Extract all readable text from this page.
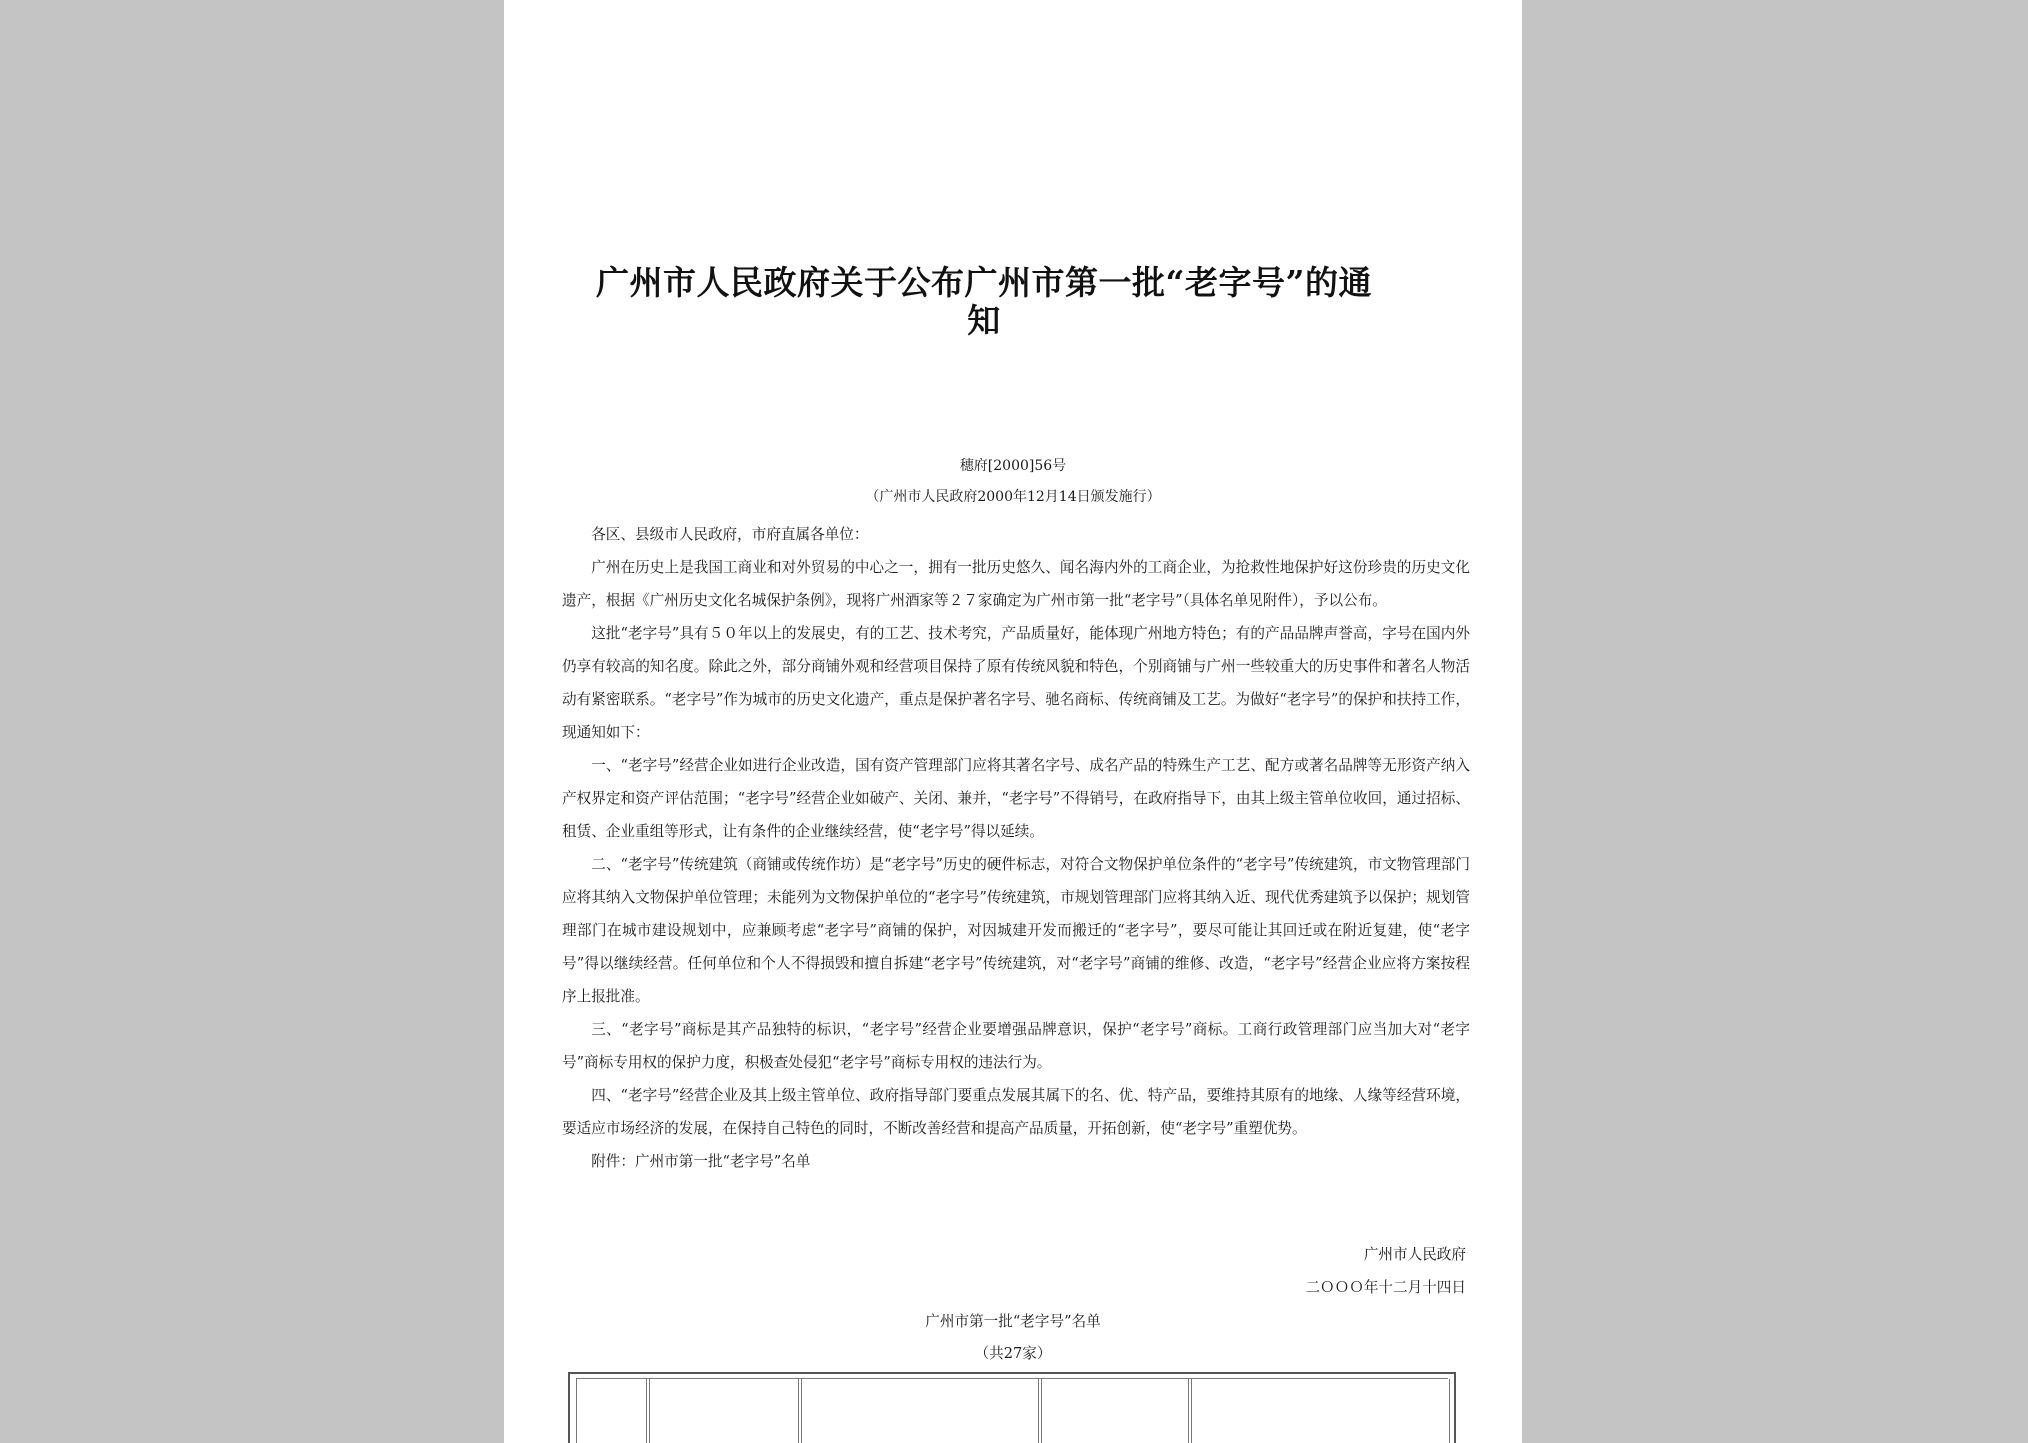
广州市人民政府关于公布广州市第一批“老字号”的通知
穗府[2000]56号
（广州市人民政府2000年12月14日颁发施行）

各区、县级市人民政府，市府直属各单位：

广州在历史上是我国工商业和对外贸易的中心之一，拥有一批历史悠久、闻名海内外的工商企业，为抢救性地保护好这份珍贵的历史文化遗产，根据《广州历史文化名城保护条例》，现将广州酒家等２７家确定为广州市第一批“老字号”（具体名单见附件），予以公布。

这批“老字号”具有５０年以上的发展史，有的工艺、技术考究，产品质量好，能体现广州地方特色；有的产品品牌声誉高，字号在国内外仍享有较高的知名度。除此之外，部分商铺外观和经营项目保持了原有传统风貌和特色，个别商铺与广州一些较重大的历史事件和著名人物活动有紧密联系。“老字号”作为城市的历史文化遗产，重点是保护著名字号、驰名商标、传统商铺及工艺。为做好“老字号”的保护和扶持工作，现通知如下：

一、“老字号”经营企业如进行企业改造，国有资产管理部门应将其著名字号、成名产品的特殊生产工艺、配方或著名品牌等无形资产纳入产权界定和资产评估范围；“老字号”经营企业如破产、关闭、兼并，“老字号”不得销号，在政府指导下，由其上级主管单位收回，通过招标、租赁、企业重组等形式，让有条件的企业继续经营，使“老字号”得以延续。

二、“老字号”传统建筑（商铺或传统作坊）是“老字号”历史的硬件标志，对符合文物保护单位条件的“老字号”传统建筑，市文物管理部门应将其纳入文物保护单位管理；未能列为文物保护单位的“老字号”传统建筑，市规划管理部门应将其纳入近、现代优秀建筑予以保护；规划管理部门在城市建设规划中，应兼顾考虑“老字号”商铺的保护，对因城建开发而搬迁的“老字号”，要尽可能让其回迁或在附近复建，使“老字号”得以继续经营。任何单位和个人不得损毁和擅自拆建“老字号”传统建筑，对“老字号”商铺的维修、改造，“老字号”经营企业应将方案按程序上报批准。

三、“老字号”商标是其产品独特的标识，“老字号”经营企业要增强品牌意识，保护“老字号”商标。工商行政管理部门应当加大对“老字号”商标专用权的保护力度，积极查处侵犯“老字号”商标专用权的违法行为。

四、“老字号”经营企业及其上级主管单位、政府指导部门要重点发展其属下的名、优、特产品，要维持其原有的地缘、人缘等经营环境，要适应市场经济的发展，在保持自己特色的同时，不断改善经营和提高产品质量，开拓创新，使“老字号”重塑优势。

附件：广州市第一批“老字号”名单

广州市人民政府
二ＯＯＯ年十二月十四日
广州市第一批“老字号”名单
（共27家）
